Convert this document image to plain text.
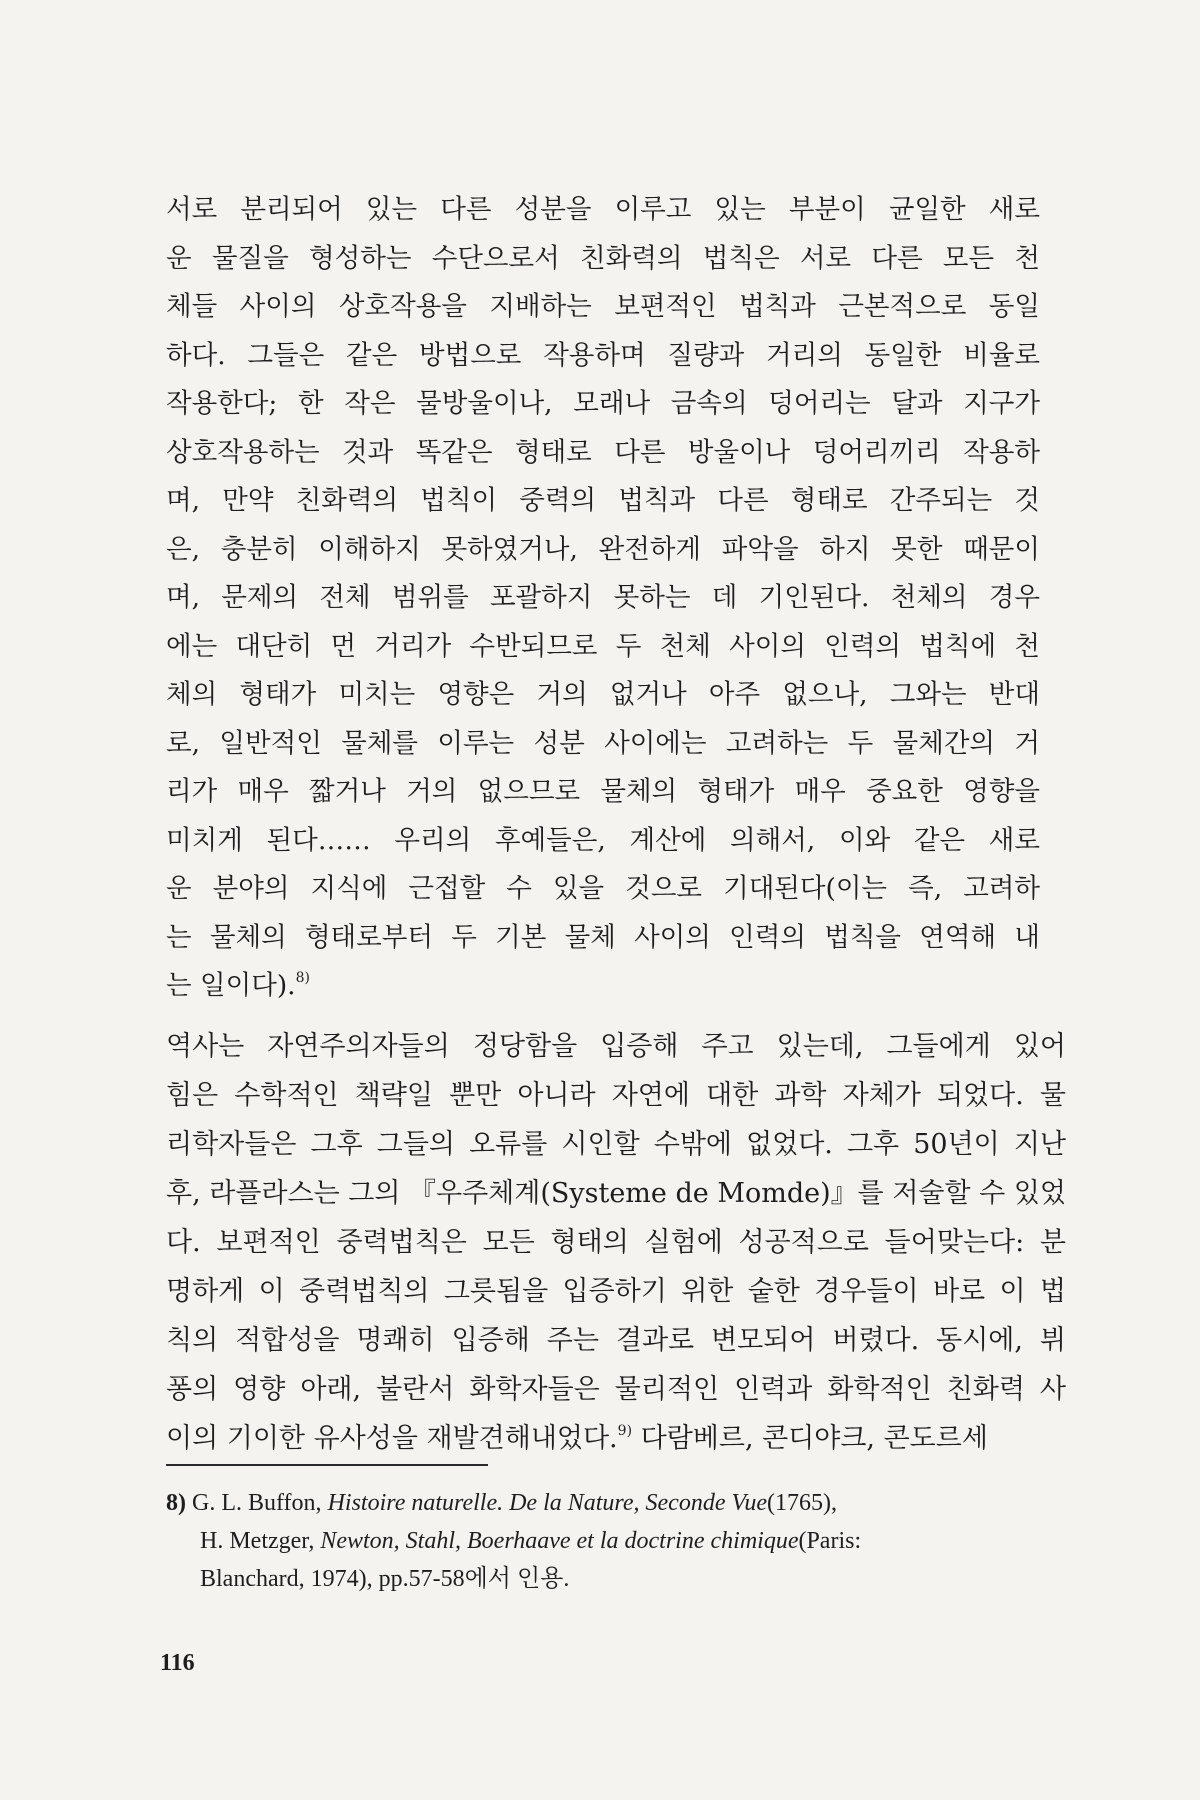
서로 분리되어 있는 다른 성분을 이루고 있는 부분이 균일한 새로
운 물질을 형성하는 수단으로서 친화력의 법칙은 서로 다른 모든 천
체들 사이의 상호작용을 지배하는 보편적인 법칙과 근본적으로 동일
하다. 그들은 같은 방법으로 작용하며 질량과 거리의 동일한 비율로
작용한다; 한 작은 물방울이나, 모래나 금속의 덩어리는 달과 지구가
상호작용하는 것과 똑같은 형태로 다른 방울이나 덩어리끼리 작용하
며, 만약 친화력의 법칙이 중력의 법칙과 다른 형태로 간주되는 것
은, 충분히 이해하지 못하였거나, 완전하게 파악을 하지 못한 때문이
며, 문제의 전체 범위를 포괄하지 못하는 데 기인된다. 천체의 경우
에는 대단히 먼 거리가 수반되므로 두 천체 사이의 인력의 법칙에 천
체의 형태가 미치는 영향은 거의 없거나 아주 없으나, 그와는 반대
로, 일반적인 물체를 이루는 성분 사이에는 고려하는 두 물체간의 거
리가 매우 짧거나 거의 없으므로 물체의 형태가 매우 중요한 영향을
미치게 된다…… 우리의 후예들은, 계산에 의해서, 이와 같은 새로
운 분야의 지식에 근접할 수 있을 것으로 기대된다(이는 즉, 고려하
는 물체의 형태로부터 두 기본 물체 사이의 인력의 법칙을 연역해 내
는 일이다).$^{8)}$
역사는 자연주의자들의 정당함을 입증해 주고 있는데, 그들에게 있어
힘은 수학적인 책략일 뿐만 아니라 자연에 대한 과학 자체가 되었다. 물
리학자들은 그후 그들의 오류를 시인할 수밖에 없었다. 그후 50년이 지난
후, 라플라스는 그의 『우주체계(Systeme de Momde)』를 저술할 수 있었
다. 보편적인 중력법칙은 모든 형태의 실험에 성공적으로 들어맞는다: 분
명하게 이 중력법칙의 그릇됨을 입증하기 위한 숱한 경우들이 바로 이 법
칙의 적합성을 명쾌히 입증해 주는 결과로 변모되어 버렸다. 동시에, 뷔
퐁의 영향 아래, 불란서 화학자들은 물리적인 인력과 화학적인 친화력 사
이의 기이한 유사성을 재발견해내었다.$^{9)}$ 다람베르, 콘디야크, 콘도르세
8) G. L. Buffon, Histoire naturelle. De la Nature, Seconde Vue(1765),
H. Metzger, Newton, Stahl, Boerhaave et la doctrine chimique(Paris:
Blanchard, 1974), pp.57-58에서 인용.
116
